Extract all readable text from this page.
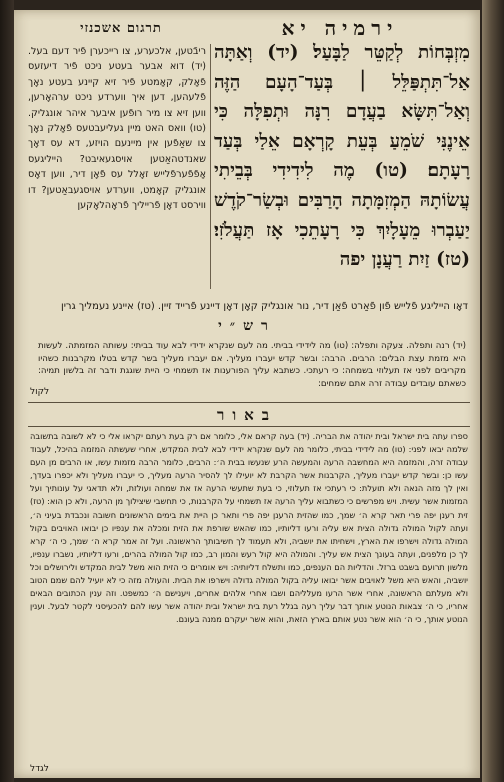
תרגום אשכנזי	ירמיה יא

ריבֿטען, אלכערע, צו רייכערן פֿיר דעם בעל. (יד) דוא אבער בעטע ניכט פֿיר דיעזעס פֿאָלק, קאָמטע פֿיר זיא קיינע בעטע נאָך פֿלעהען, דען איך ווערדע ניכט ערהאָרען, ווען זיא צו מיר רופֿען איבער איהר אונגליק. (טו) וואס האט מיין געליעבטעס פֿאָלק נאָך צו שאַפֿען אין מיינעם הויזע, דא עס דאָך שאנדטהאַטען אויסגעאיבט? הייליגעס אָפֿפֿערפֿלייש זאָלל עס פֿאָן דיר, ווען דאָס אונגליק קאָמט, ווערדע אויסגעבאַטען? דו ווירסט דאָן פֿרייליך פֿראָהלאָקען

מִזְבְּחוֹת לְקַטֵּר לַבָּעַל׃ (יד) וְאַתָּה אַל־תִּתְפַּלֵּל ׀ בְּעַד־הָעָם הַזֶּה וְאַל־תִּשָּׂא בַעֲדָם רִנָּה וּתְפִלָּה כִּי אֵינֶנִּי שֹׁמֵעַ בְּעֵת קָרְאָם אֵלַי בְּעַד רָעָתָם׃ (טו) מֶה לִידִידִי בְּבֵיתִי עֲשׂוֹתָהּ הַמְזִמָּתָה הָרַבִּים וּבְשַׂר־קֹדֶשׁ יַעַבְרוּ מֵעָלָיִךְ כִּי רָעָתֵכִי אָז תַּעֲלֹזִי׃ (טז) זַיִת רַעֲנָן יפה

דאָו הייליגע פֿלייש פֿון פֿאַרט פֿאַן דיר, נור אונגליק קאָן דאָן דיינע פֿרייד זיין. (טז) איינע נעמליך גרין
רש״י

(יד) רנה ותפלה. צעקה ותפלה: (טו) מה לידידי בביתי. מה לעם שנקרא ידידי לבא עוד בביתי: עשותה המזמתה. לעשות היא מזמת עצת הבלים: הרבים. הרבה: ובשר קדש יעברו מעליך. אם יעברו מעליך בשר קדש בטלו מקרבנות כשהיו מקריבים לפני אז תעלוזי בשמחה: כי רעתכי. כשתבא עליך הפורענות אז תשמחי כי היית שוגגת ודבר זה בלשון תמיה: כשאתם עובדים עבודה זרה אתם שמחים:

לקול
באור

ספרו עתה בית ישראל ובית יהודה את הבריה. (יד) בעה קראם אלי, כלומר אם רק בעת רעתם יקראו אלי כי לא לשובה בתשובה שלמה יבאו לפני: (טו) מה לידידי בביתי, כלומר מה לעם שנקרא ידידי לבא לבית המקדש, אחרי שעשתה המזמה בהיכל, לעבוד עבודה זרה, והמזמה היא המחשבה הרעה והמעשה הרע שנעשו בבית ה׳: הרבים, כלומר הרבה מזמות עשו, או הרבים מן העם עשו כן: ובשר קדש יעברו מעליך, הקרבנות אשר הקרבת לא יועילו לך להסיר הרעה מעליך, כי יעברו מעליך ולא יכפרו בעדך, ואין לך מזה הנאה ולא תועלת: כי רעתכי אז תעלוזי, כי בעת שתעשי הרעה אז את שמחה ועולזת, ולא תדאגי על עונותיך ועל המזמות אשר עשית. ויש מפרשים כי כשתבוא עליך הרעה אז תשמחי על הקרבנות, כי תחשבי שיצילוך מן הרעה, ולא כן הוא: (טז) זית רענן יפה פרי תאר קרא ה׳ שמך, כמו שהזית הרענן יפה פרי ותאר כן היית את בימים הראשונים חשובה ונכבדת בעיני ה׳, ועתה לקול המולה גדולה הצית אש עליה ורעו דליותיו, כמו שהאש שורפת את הזית ומכלה את ענפיו כן יבואו האויבים בקול המולה גדולה וישרפו את הארץ, וישחיתו את יושביה, ולא תעמוד לך חשיבותך הראשונה. ועל זה אמר קרא ה׳ שמך, כי ה׳ קרא לך כן מלפנים, ועתה בעונך הצית אש עליך. והמולה היא קול רעש והמון רב, כמו קול המולה בהרים, ורעו דליותיו, נשברו ענפיו, מלשון תרועם בשבט ברזל. והדליות הם הענפים, כמו ותשלח דליותיה: ויש אומרים כי הזית הוא משל לבית המקדש ולירושלים וכל יושביה, והאש היא משל לאויבים אשר יבואו עליה בקול המולה גדולה וישרפו את הבית. והעולה מזה כי לא יועיל להם שמם הטוב ולא מעלתם הראשונה, אחרי אשר הרעו מעלליהם ושבו אחרי אלהים אחרים, ויענישם ה׳ כמשפט. וזה ענין הכתובים הבאים אחריו, כי ה׳ צבאות הנוטע אותך דבר עליך רעה בגלל רעת בית ישראל ובית יהודה אשר עשו להם להכעיסני לקטר לבעל. וענין הנוטע אותך, כי ה׳ הוא אשר נטע אותם בארץ הזאת, והוא אשר יעקרם ממנה בעונם.

לגדל
